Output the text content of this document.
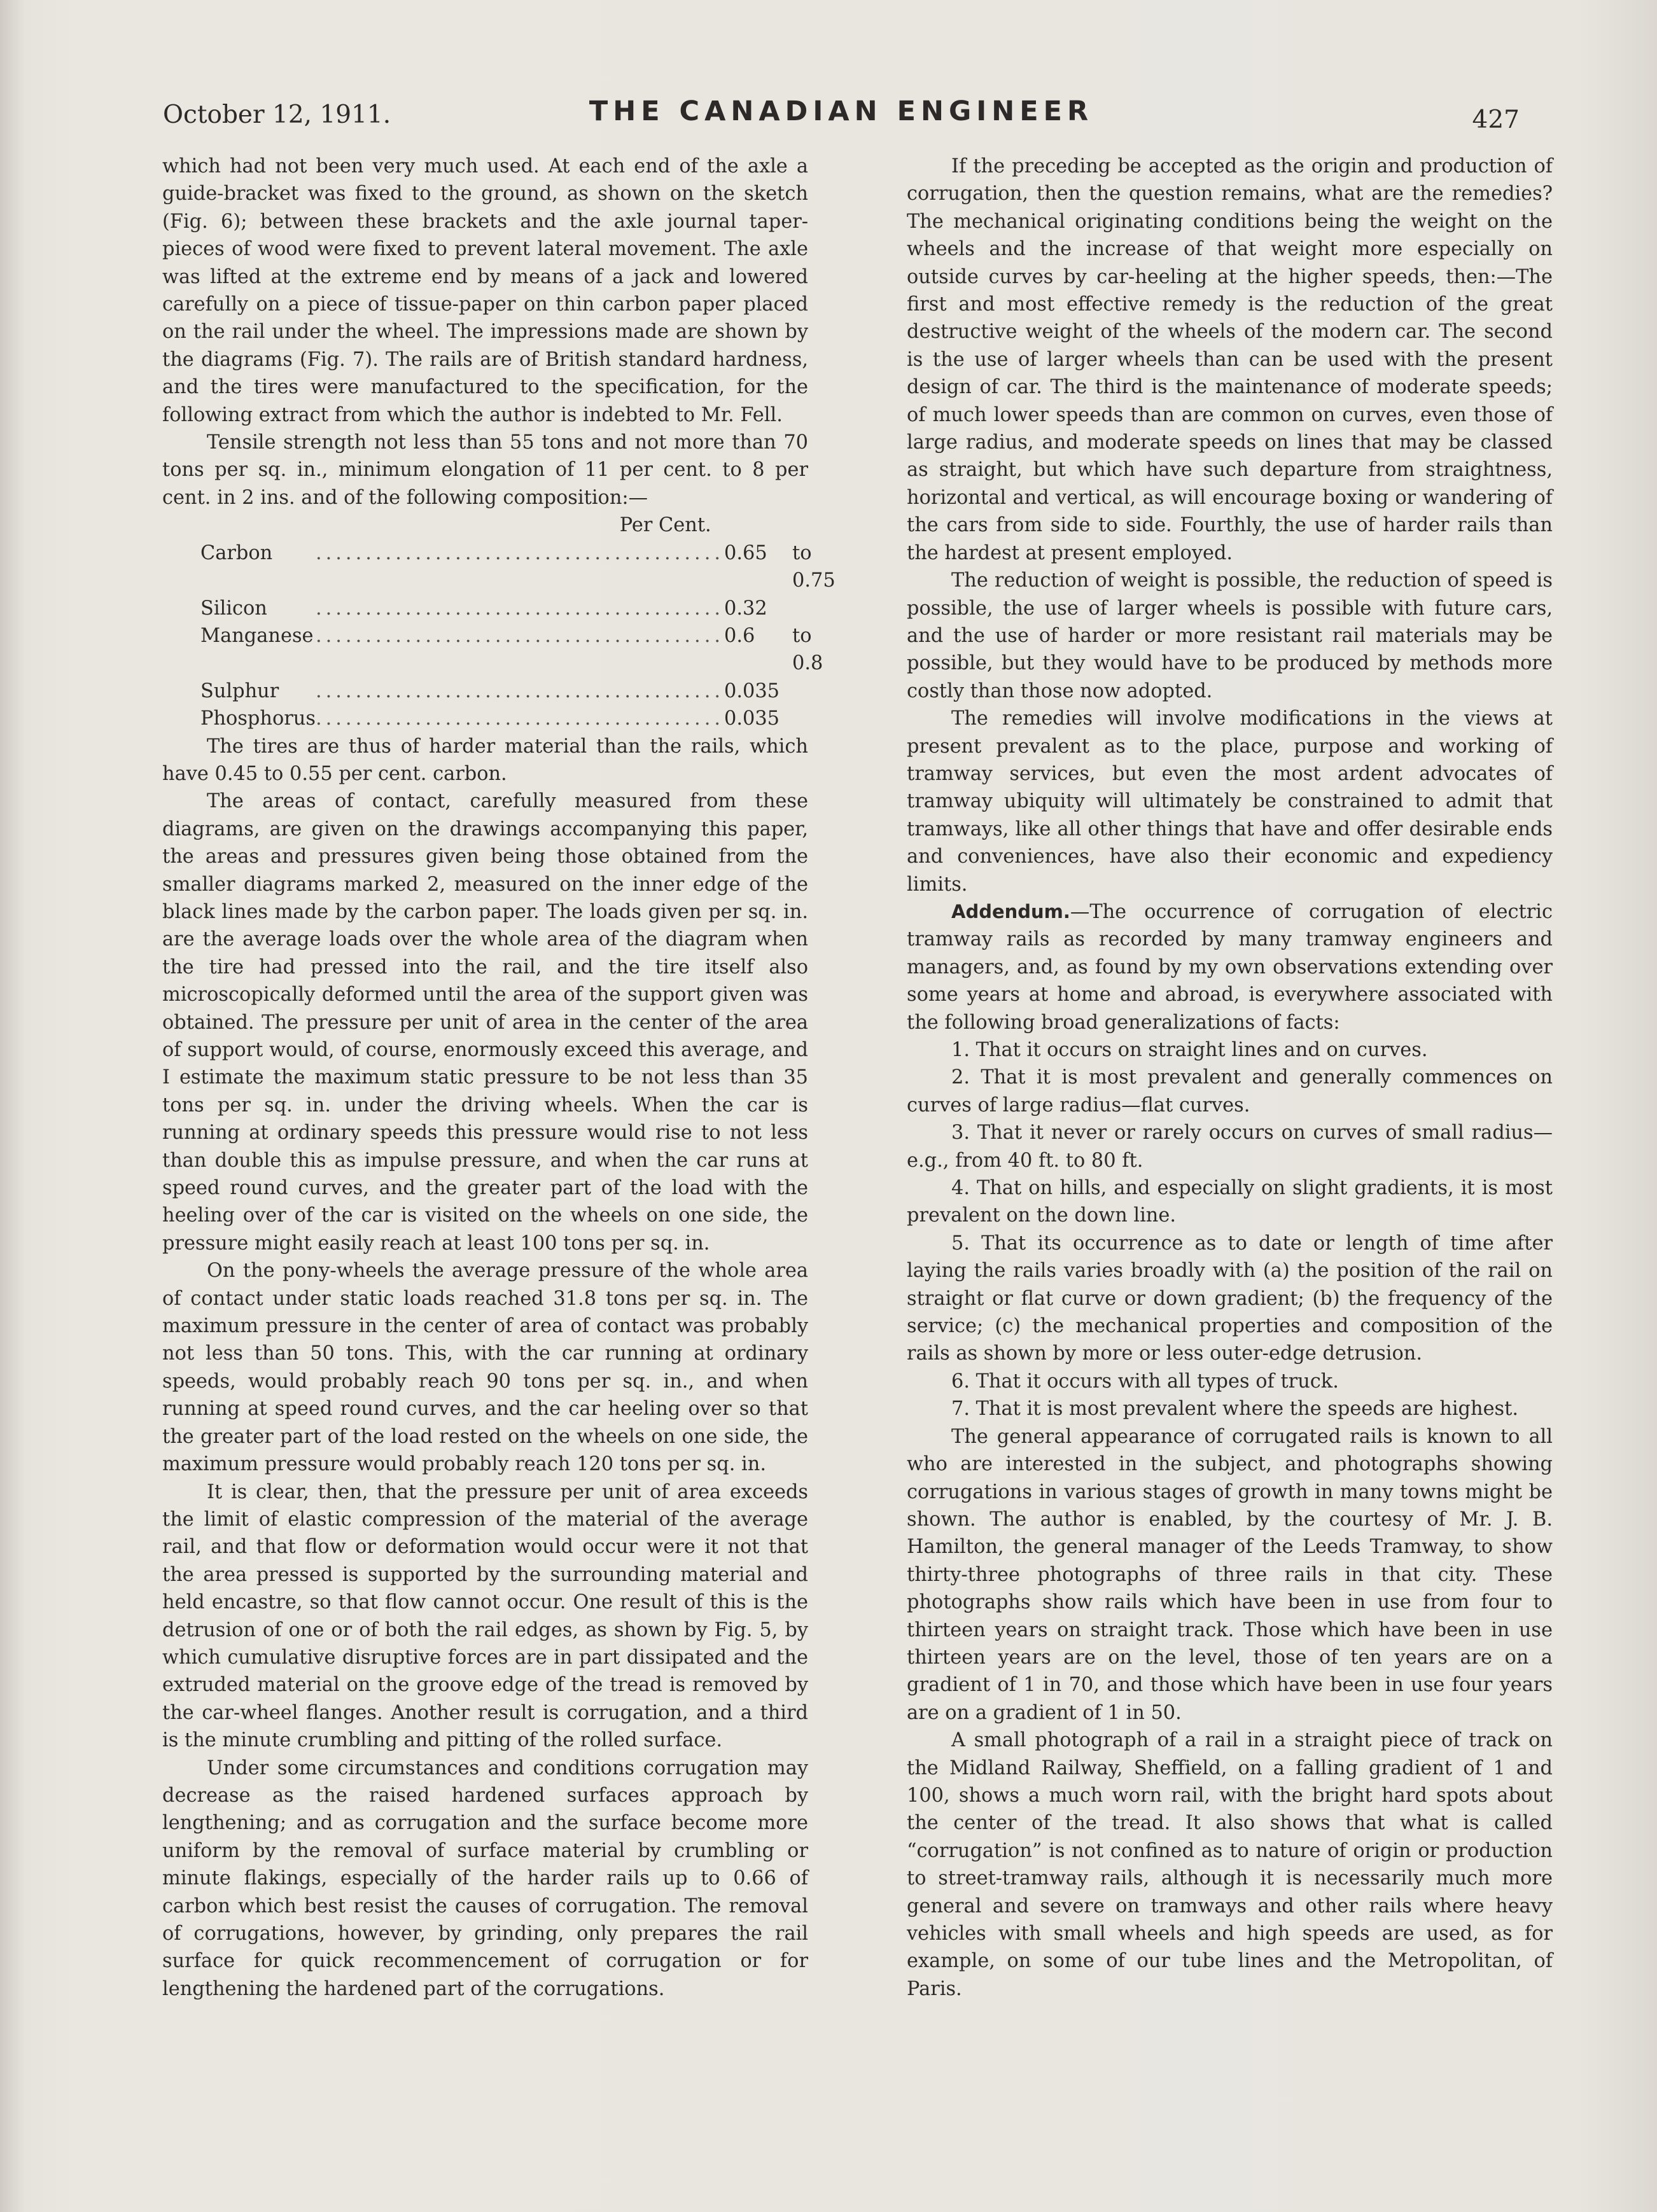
October 12, 1911.	THE CANADIAN ENGINEER	427

which had not been very much used. At each end of the axle a guide-bracket was fixed to the ground, as shown on the sketch (Fig. 6); between these brackets and the axle journal taper-pieces of wood were fixed to prevent lateral movement. The axle was lifted at the extreme end by means of a jack and lowered carefully on a piece of tissue-paper on thin carbon paper placed on the rail under the wheel. The impressions made are shown by the diagrams (Fig. 7). The rails are of British standard hardness, and the tires were manufactured to the specification, for the following extract from which the author is indebted to Mr. Fell.

Tensile strength not less than 55 tons and not more than 70 tons per sq. in., minimum elongation of 11 per cent. to 8 per cent. in 2 ins. and of the following composition:—

Per Cent.			
Carbon	.........................................	0.65	to 0.75
Silicon	.........................................	0.32	
Manganese	.........................................	0.6	to 0.8
Sulphur	.........................................	0.035	
Phosphorus	.........................................	0.035	

The tires are thus of harder material than the rails, which have 0.45 to 0.55 per cent. carbon.

The areas of contact, carefully measured from these diagrams, are given on the drawings accompanying this paper, the areas and pressures given being those obtained from the smaller diagrams marked 2, measured on the inner edge of the black lines made by the carbon paper. The loads given per sq. in. are the average loads over the whole area of the diagram when the tire had pressed into the rail, and the tire itself also microscopically deformed until the area of the support given was obtained. The pressure per unit of area in the center of the area of support would, of course, enormously exceed this average, and I estimate the maximum static pressure to be not less than 35 tons per sq. in. under the driving wheels. When the car is running at ordinary speeds this pressure would rise to not less than double this as impulse pressure, and when the car runs at speed round curves, and the greater part of the load with the heeling over of the car is visited on the wheels on one side, the pressure might easily reach at least 100 tons per sq. in.

On the pony-wheels the average pressure of the whole area of contact under static loads reached 31.8 tons per sq. in. The maximum pressure in the center of area of contact was probably not less than 50 tons. This, with the car running at ordinary speeds, would probably reach 90 tons per sq. in., and when running at speed round curves, and the car heeling over so that the greater part of the load rested on the wheels on one side, the maximum pressure would probably reach 120 tons per sq. in.

It is clear, then, that the pressure per unit of area exceeds the limit of elastic compression of the material of the average rail, and that flow or deformation would occur were it not that the area pressed is supported by the surrounding material and held encastre, so that flow cannot occur. One result of this is the detrusion of one or of both the rail edges, as shown by Fig. 5, by which cumulative disruptive forces are in part dissipated and the extruded material on the groove edge of the tread is removed by the car-wheel flanges. Another result is corrugation, and a third is the minute crumbling and pitting of the rolled surface.

Under some circumstances and conditions corrugation may decrease as the raised hardened surfaces approach by lengthening; and as corrugation and the surface become more uniform by the removal of surface material by crumbling or minute flakings, especially of the harder rails up to 0.66 of carbon which best resist the causes of corrugation. The removal of corrugations, however, by grinding, only prepares the rail surface for quick recommencement of corrugation or for lengthening the hardened part of the corrugations.

If the preceding be accepted as the origin and production of corrugation, then the question remains, what are the remedies? The mechanical originating conditions being the weight on the wheels and the increase of that weight more especially on outside curves by car-heeling at the higher speeds, then:—The first and most effective remedy is the reduction of the great destructive weight of the wheels of the modern car. The second is the use of larger wheels than can be used with the present design of car. The third is the maintenance of moderate speeds; of much lower speeds than are common on curves, even those of large radius, and moderate speeds on lines that may be classed as straight, but which have such departure from straightness, horizontal and vertical, as will encourage boxing or wandering of the cars from side to side. Fourthly, the use of harder rails than the hardest at present employed.

The reduction of weight is possible, the reduction of speed is possible, the use of larger wheels is possible with future cars, and the use of harder or more resistant rail materials may be possible, but they would have to be produced by methods more costly than those now adopted.

The remedies will involve modifications in the views at present prevalent as to the place, purpose and working of tramway services, but even the most ardent advocates of tramway ubiquity will ultimately be constrained to admit that tramways, like all other things that have and offer desirable ends and conveniences, have also their economic and expediency limits.

Addendum.—The occurrence of corrugation of electric tramway rails as recorded by many tramway engineers and managers, and, as found by my own observations extending over some years at home and abroad, is everywhere associated with the following broad generalizations of facts:

1. That it occurs on straight lines and on curves.

2. That it is most prevalent and generally commences on curves of large radius—flat curves.

3. That it never or rarely occurs on curves of small radius—e.g., from 40 ft. to 80 ft.

4. That on hills, and especially on slight gradients, it is most prevalent on the down line.

5. That its occurrence as to date or length of time after laying the rails varies broadly with (a) the position of the rail on straight or flat curve or down gradient; (b) the frequency of the service; (c) the mechanical properties and composition of the rails as shown by more or less outer-edge detrusion.

6. That it occurs with all types of truck.

7. That it is most prevalent where the speeds are highest.

The general appearance of corrugated rails is known to all who are interested in the subject, and photographs showing corrugations in various stages of growth in many towns might be shown. The author is enabled, by the courtesy of Mr. J. B. Hamilton, the general manager of the Leeds Tramway, to show thirty-three photographs of three rails in that city. These photographs show rails which have been in use from four to thirteen years on straight track. Those which have been in use thirteen years are on the level, those of ten years are on a gradient of 1 in 70, and those which have been in use four years are on a gradient of 1 in 50.

A small photograph of a rail in a straight piece of track on the Midland Railway, Sheffield, on a falling gradient of 1 and 100, shows a much worn rail, with the bright hard spots about the center of the tread. It also shows that what is called “corrugation” is not confined as to nature of origin or production to street-tramway rails, although it is necessarily much more general and severe on tramways and other rails where heavy vehicles with small wheels and high speeds are used, as for example, on some of our tube lines and the Metropolitan, of Paris.
